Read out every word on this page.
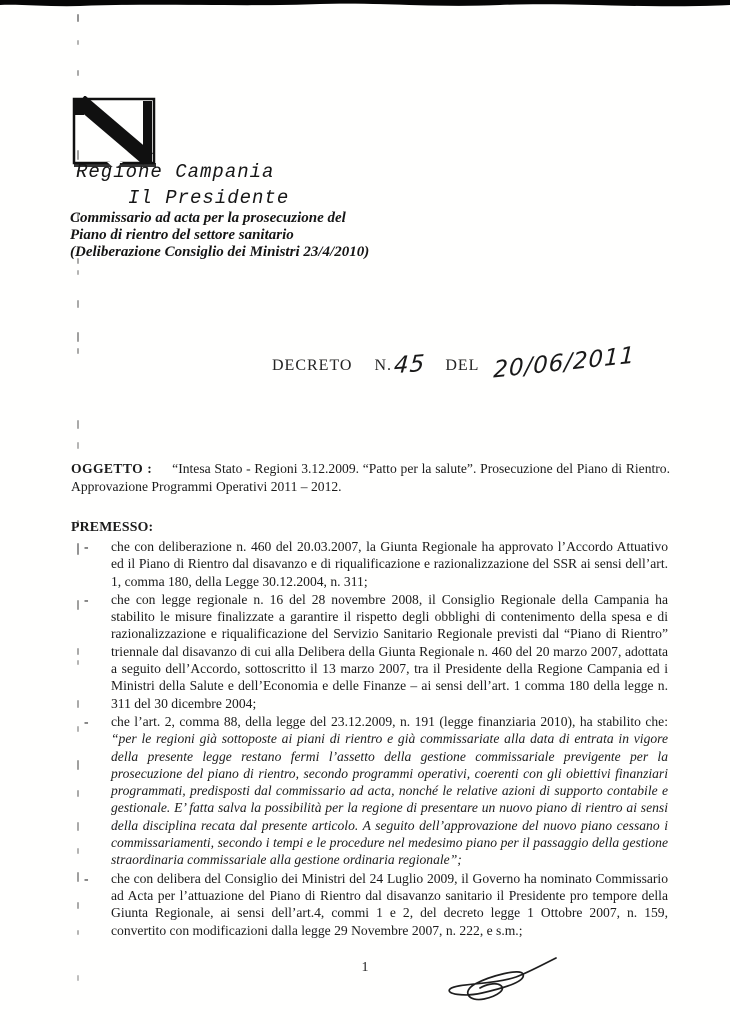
Regione Campania
Il Presidente
Commissario ad acta per la prosecuzione del
Piano di rientro del settore sanitario
(Deliberazione Consiglio dei Ministri 23/4/2010)
DECRETO N.45 DEL 20/06/2011

OGGETTO : “Intesa Stato - Regioni 3.12.2009. “Patto per la salute”. Prosecuzione del Piano di Rientro. Approvazione Programmi Operativi 2011 – 2012.

PREMESSO:
-	che con deliberazione n. 460 del 20.03.2007, la Giunta Regionale ha approvato l’Accordo Attuativo ed il Piano di Rientro dal disavanzo e di riqualificazione e razionalizzazione del SSR ai sensi dell’art. 1, comma 180, della Legge 30.12.2004, n. 311;
-	che con legge regionale n. 16 del 28 novembre 2008, il Consiglio Regionale della Campania ha stabilito le misure finalizzate a garantire il rispetto degli obblighi di contenimento della spesa e di razionalizzazione e riqualificazione del Servizio Sanitario Regionale previsti dal “Piano di Rientro” triennale dal disavanzo di cui alla Delibera della Giunta Regionale n. 460 del 20 marzo 2007, adottata a seguito dell’Accordo, sottoscritto il 13 marzo 2007, tra il Presidente della Regione Campania ed i Ministri della Salute e dell’Economia e delle Finanze – ai sensi dell’art. 1 comma 180 della legge n. 311 del 30 dicembre 2004;
-	che l’art. 2, comma 88, della legge del 23.12.2009, n. 191 (legge finanziaria 2010), ha stabilito che: “per le regioni già sottoposte ai piani di rientro e già commissariate alla data di entrata in vigore della presente legge restano fermi l’assetto della gestione commissariale previgente per la prosecuzione del piano di rientro, secondo programmi operativi, coerenti con gli obiettivi finanziari programmati, predisposti dal commissario ad acta, nonché le relative azioni di supporto contabile e gestionale. E’ fatta salva la possibilità per la regione di presentare un nuovo piano di rientro ai sensi della disciplina recata dal presente articolo. A seguito dell’approvazione del nuovo piano cessano i commissariamenti, secondo i tempi e le procedure nel medesimo piano per il passaggio della gestione straordinaria commissariale alla gestione ordinaria regionale”;
-	che con delibera del Consiglio dei Ministri del 24 Luglio 2009, il Governo ha nominato Commissario ad Acta per l’attuazione del Piano di Rientro dal disavanzo sanitario il Presidente pro tempore della Giunta Regionale, ai sensi dell’art.4, commi 1 e 2, del decreto legge 1 Ottobre 2007, n. 159, convertito con modificazioni dalla legge 29 Novembre 2007, n. 222, e s.m.;
1
